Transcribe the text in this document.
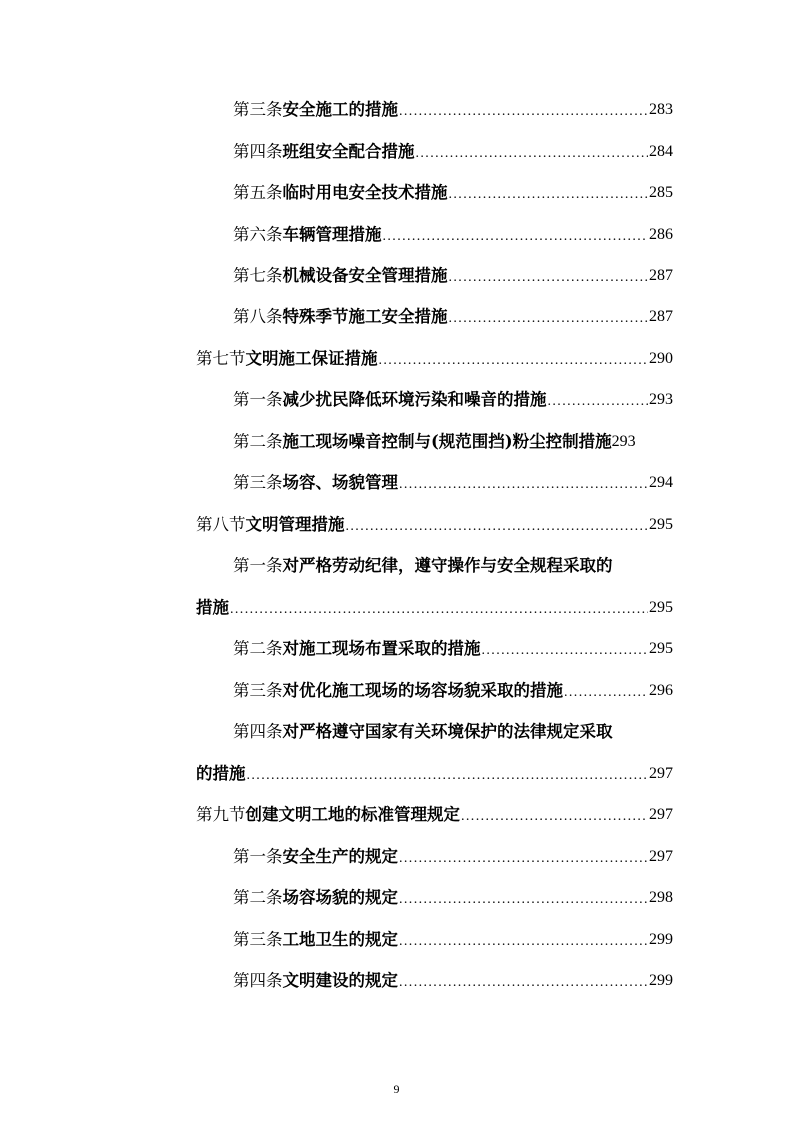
第三条 安全施工的措施 .....	283
第四条 班组安全配合措施 .....	284
第五条 临时用电安全技术措施 .....	285
第六条 车辆管理措施 .....	286
第七条 机械设备安全管理措施 .....	287
第八条 特殊季节施工安全措施 .....	287
第七节 文明施工保证措施 .....	290
第一条 减少扰民降低环境污染和噪音的措施 .....	293
第二条 施工现场噪音控制与(规范围挡)粉尘控制措施 293
第三条 场容、场貌管理 .....	294
第八节 文明管理措施 .....	295
第一条 对严格劳动纪律，遵守操作与安全规程采取的
措施 .....	295
第二条 对施工现场布置采取的措施 .....	295
第三条 对优化施工现场的场容场貌采取的措施 .....	296
第四条 对严格遵守国家有关环境保护的法律规定采取
的措施 .....	297
第九节 创建文明工地的标准管理规定 .....	297
第一条 安全生产的规定 .....	297
第二条 场容场貌的规定 .....	298
第三条 工地卫生的规定 .....	299
第四条 文明建设的规定 .....	299
9
